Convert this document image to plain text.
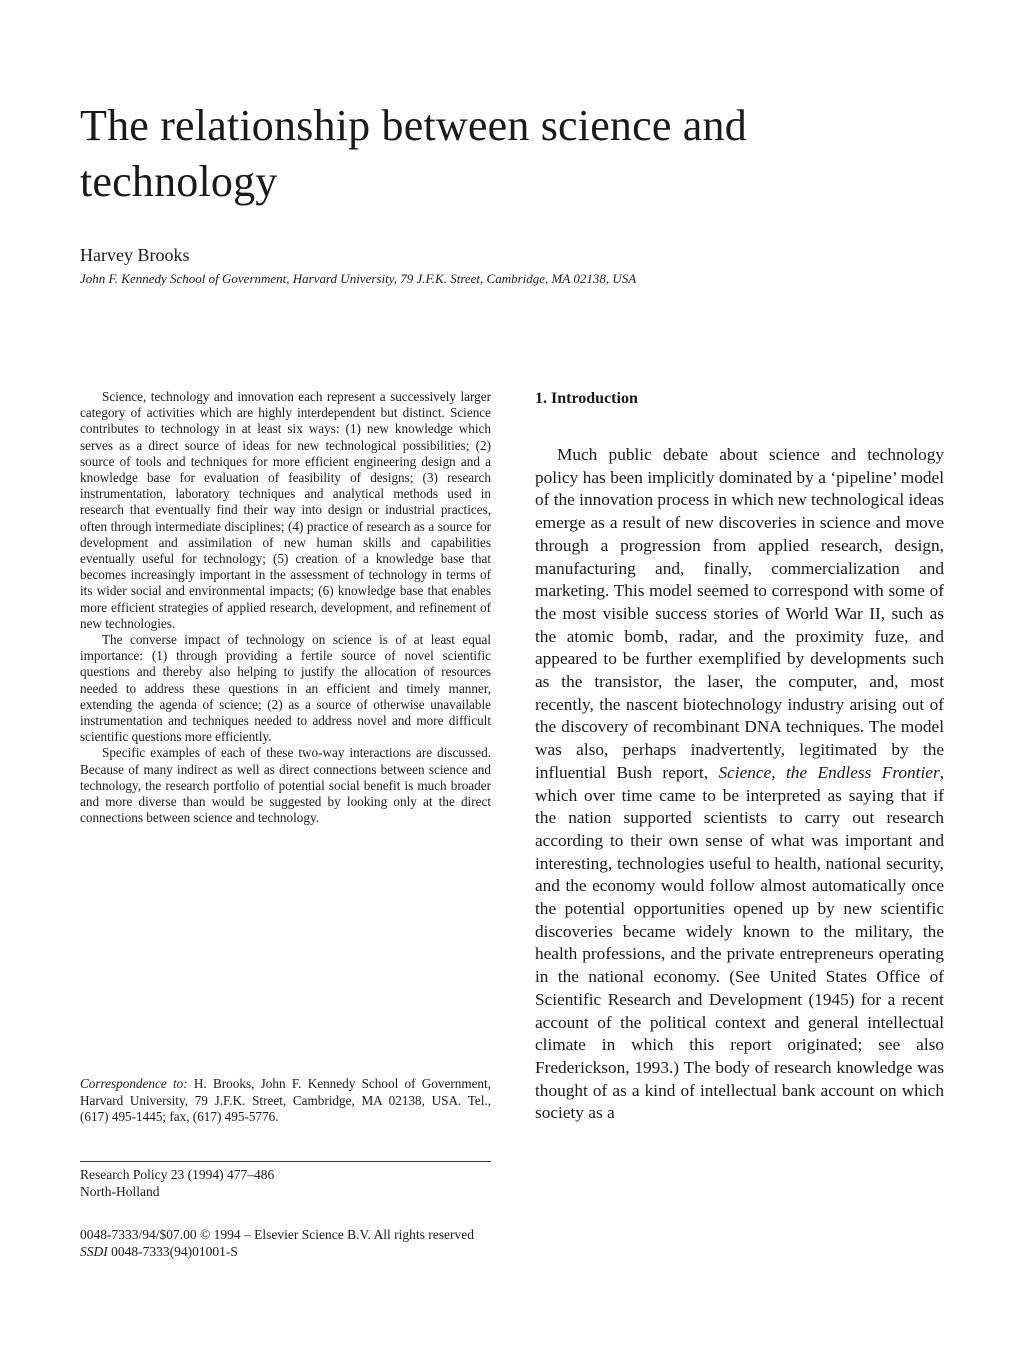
The relationship between science and technology
Harvey Brooks
John F. Kennedy School of Government, Harvard University, 79 J.F.K. Street, Cambridge, MA 02138, USA

Science, technology and innovation each represent a successively larger category of activities which are highly interdependent but distinct. Science contributes to technology in at least six ways: (1) new knowledge which serves as a direct source of ideas for new technological possibilities; (2) source of tools and techniques for more efficient engineering design and a knowledge base for evaluation of feasibility of designs; (3) research instrumentation, laboratory techniques and analytical methods used in research that eventually find their way into design or industrial practices, often through intermediate disciplines; (4) practice of research as a source for development and assimilation of new human skills and capabilities eventually useful for technology; (5) creation of a knowledge base that becomes increasingly important in the assessment of technology in terms of its wider social and environmental impacts; (6) knowledge base that enables more efficient strategies of applied research, development, and refinement of new technologies.

The converse impact of technology on science is of at least equal importance: (1) through providing a fertile source of novel scientific questions and thereby also helping to justify the allocation of resources needed to address these questions in an efficient and timely manner, extending the agenda of science; (2) as a source of otherwise unavailable instrumentation and techniques needed to address novel and more difficult scientific questions more efficiently.

Specific examples of each of these two-way interactions are discussed. Because of many indirect as well as direct connections between science and technology, the research portfolio of potential social benefit is much broader and more diverse than would be suggested by looking only at the direct connections between science and technology.

Correspondence to: H. Brooks, John F. Kennedy School of Government, Harvard University, 79 J.F.K. Street, Cambridge, MA 02138, USA. Tel., (617) 495-1445; fax, (617) 495-5776.

Research Policy 23 (1994) 477–486
North-Holland
0048-7333/94/$07.00 © 1994 – Elsevier Science B.V. All rights reserved
SSDI 0048-7333(94)01001-S
1. Introduction

Much public debate about science and technology policy has been implicitly dominated by a ‘pipeline’ model of the innovation process in which new technological ideas emerge as a result of new discoveries in science and move through a progression from applied research, design, manufacturing and, finally, commercialization and marketing. This model seemed to correspond with some of the most visible success stories of World War II, such as the atomic bomb, radar, and the proximity fuze, and appeared to be further exemplified by developments such as the transistor, the laser, the computer, and, most recently, the nascent biotechnology industry arising out of the discovery of recombinant DNA techniques. The model was also, perhaps inadvertently, legitimated by the influential Bush report, Science, the Endless Frontier, which over time came to be interpreted as saying that if the nation supported scientists to carry out research according to their own sense of what was important and interesting, technologies useful to health, national security, and the economy would follow almost automatically once the potential opportunities opened up by new scientific discoveries became widely known to the military, the health professions, and the private entrepreneurs operating in the national economy. (See United States Office of Scientific Research and Development (1945) for a recent account of the political context and general intellectual climate in which this report originated; see also Frederickson, 1993.) The body of research knowledge was thought of as a kind of intellectual bank account on which society as a
